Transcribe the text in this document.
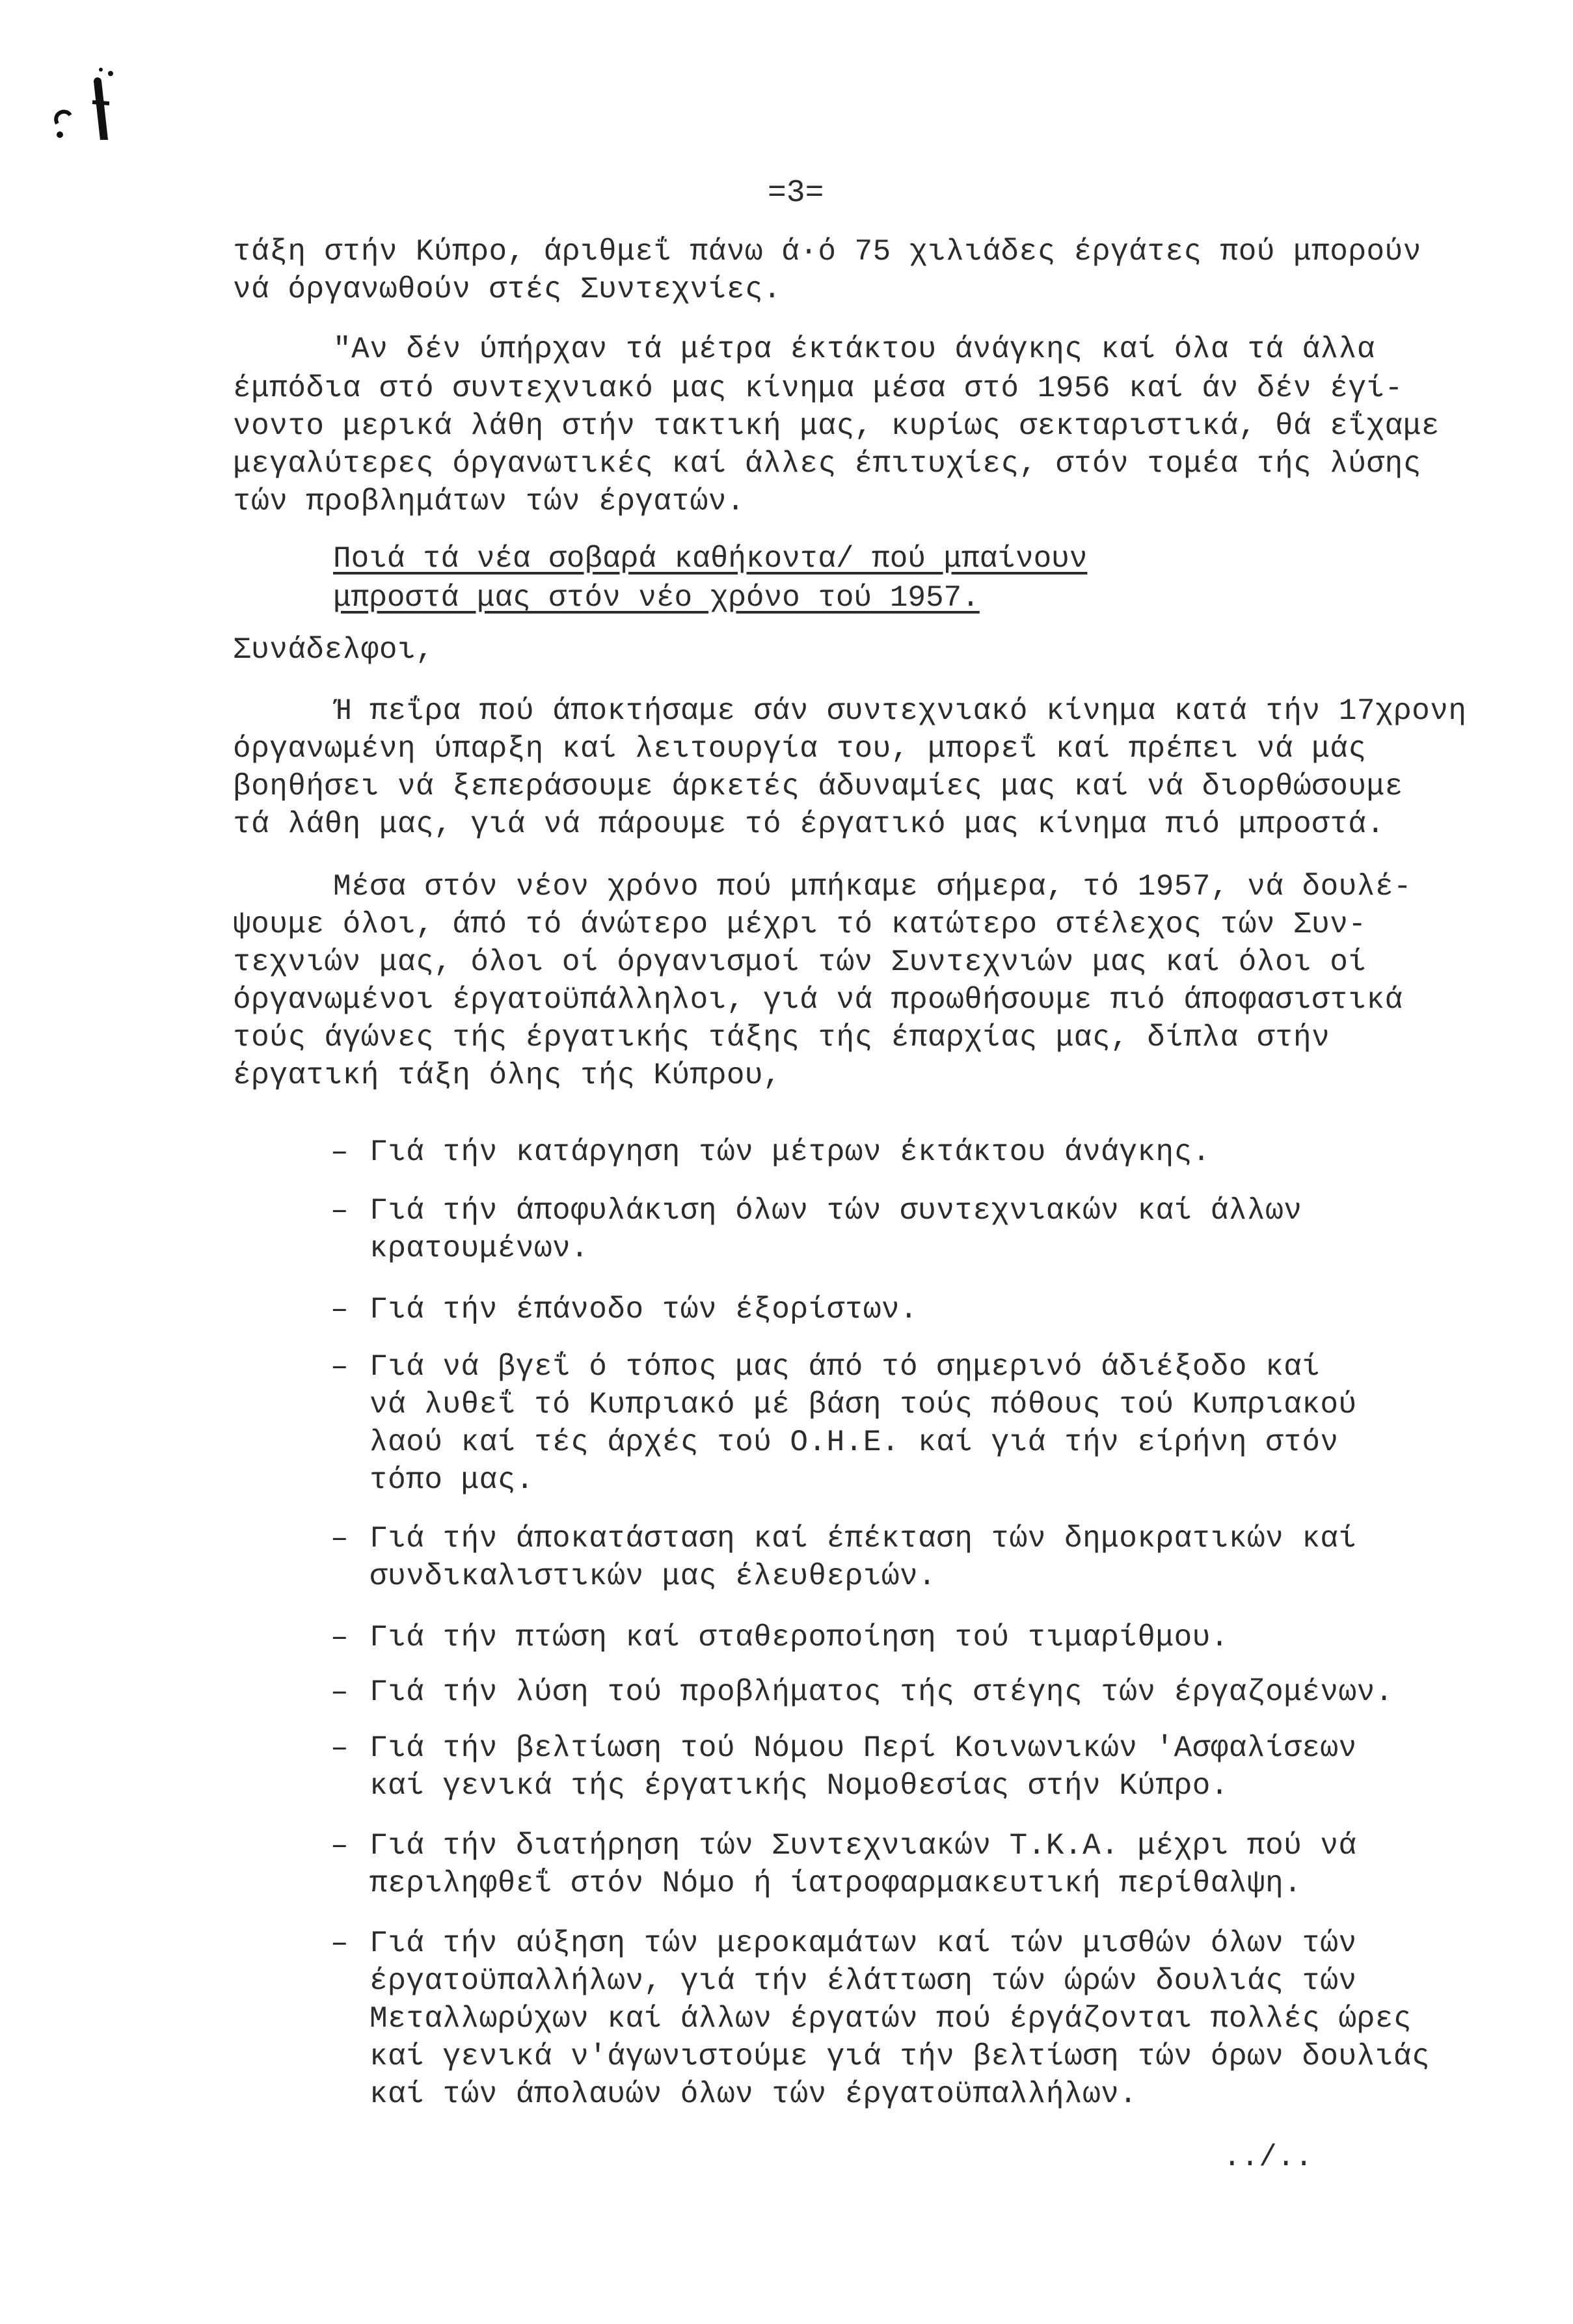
=3=
τάξη στήν Κύπρο, άριθμεΐ πάνω ά·ό 75 χιλιάδες έργάτες πού μπορούν
νά όργανωθούν στές Συντεχνίες.
"Αν δέν ύπήρχαν τά μέτρα έκτάκτου άνάγκης καί όλα τά άλλα
έμπόδια στό συντεχνιακό μας κίνημα μέσα στό 1956 καί άν δέν έγί-
νοντο μερικά λάθη στήν τακτική μας, κυρίως σεκταριστικά, θά εΐχαμε
μεγαλύτερες όργανωτικές καί άλλες έπιτυχίες, στόν τομέα τής λύσης
τών προβλημάτων τών έργατών.
Ποιά τά νέα σοβαρά καθήκοντα/ πού μπαίνουν
μπροστά μας στόν νέο χρόνο τού 1957.
Συνάδελφοι,
Ή πεΐρα πού άποκτήσαμε σάν συντεχνιακό κίνημα κατά τήν 17χρονη
όργανωμένη ύπαρξη καί λειτουργία του, μπορεΐ καί πρέπει νά μάς
βοηθήσει νά ξεπεράσουμε άρκετές άδυναμίες μας καί νά διορθώσουμε
τά λάθη μας, γιά νά πάρουμε τό έργατικό μας κίνημα πιό μπροστά.
Μέσα στόν νέον χρόνο πού μπήκαμε σήμερα, τό 1957, νά δουλέ-
ψουμε όλοι, άπό τό άνώτερο μέχρι τό κατώτερο στέλεχος τών Συν-
τεχνιών μας, όλοι οί όργανισμοί τών Συντεχνιών μας καί όλοι οί
όργανωμένοι έργατοϋπάλληλοι, γιά νά προωθήσουμε πιό άποφασιστικά
τούς άγώνες τής έργατικής τάξης τής έπαρχίας μας, δίπλα στήν
έργατική τάξη όλης τής Κύπρου,
– Γιά τήν κατάργηση τών μέτρων έκτάκτου άνάγκης.
– Γιά τήν άποφυλάκιση όλων τών συντεχνιακών καί άλλων
κρατουμένων.
– Γιά τήν έπάνοδο τών έξορίστων.
– Γιά νά βγεΐ ό τόπος μας άπό τό σημερινό άδιέξοδο καί
νά λυθεΐ τό Κυπριακό μέ βάση τούς πόθους τού Κυπριακού
λαού καί τές άρχές τού Ο.Η.Ε. καί γιά τήν είρήνη στόν
τόπο μας.
– Γιά τήν άποκατάσταση καί έπέκταση τών δημοκρατικών καί
συνδικαλιστικών μας έλευθεριών.
– Γιά τήν πτώση καί σταθεροποίηση τού τιμαρίθμου.
– Γιά τήν λύση τού προβλήματος τής στέγης τών έργαζομένων.
– Γιά τήν βελτίωση τού Νόμου Περί Κοινωνικών 'Ασφαλίσεων
καί γενικά τής έργατικής Νομοθεσίας στήν Κύπρο.
– Γιά τήν διατήρηση τών Συντεχνιακών Τ.Κ.Α. μέχρι πού νά
περιληφθεΐ στόν Νόμο ή ίατροφαρμακευτική περίθαλψη.
– Γιά τήν αύξηση τών μεροκαμάτων καί τών μισθών όλων τών
έργατοϋπαλλήλων, γιά τήν έλάττωση τών ώρών δουλιάς τών
Μεταλλωρύχων καί άλλων έργατών πού έργάζονται πολλές ώρες
καί γενικά ν'άγωνιστούμε γιά τήν βελτίωση τών όρων δουλιάς
καί τών άπολαυών όλων τών έργατοϋπαλλήλων.
../..
